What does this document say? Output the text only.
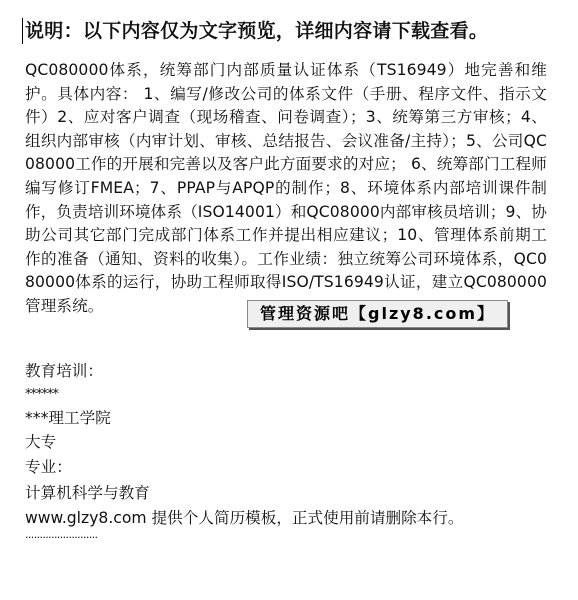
说明：以下内容仅为文字预览，详细内容请下载查看。

QC080000体系，统筹部门内部质量认证体系（TS16949）地完善和维护。具体内容： 1、编写/修改公司的体系文件（手册、程序文件、指示文件）2、应对客户调查（现场稽查、问卷调查）；3、统筹第三方审核；4、组织内部审核（内审计划、审核、总结报告、会议准备/主持）；5、公司QC08000工作的开展和完善以及客户此方面要求的对应； 6、统筹部门工程师编写修订FMEA；7、PPAP与APQP的制作；8、环境体系内部培训课件制作，负责培训环境体系（ISO14001）和QC08000内部审核员培训；9、协助公司其它部门完成部门体系工作并提出相应建议；10、管理体系前期工作的准备（通知、资料的收集）。工作业绩：独立统筹公司环境体系，QC080000体系的运行，协助工程师取得ISO/TS16949认证，建立QC080000管理系统。	管理资源吧【glzy8.com】
教育培训：
******
***理工学院
大专
专业：
计算机科学与教育
www.glzy8.com 提供个人简历模板，正式使用前请删除本行。
·························
